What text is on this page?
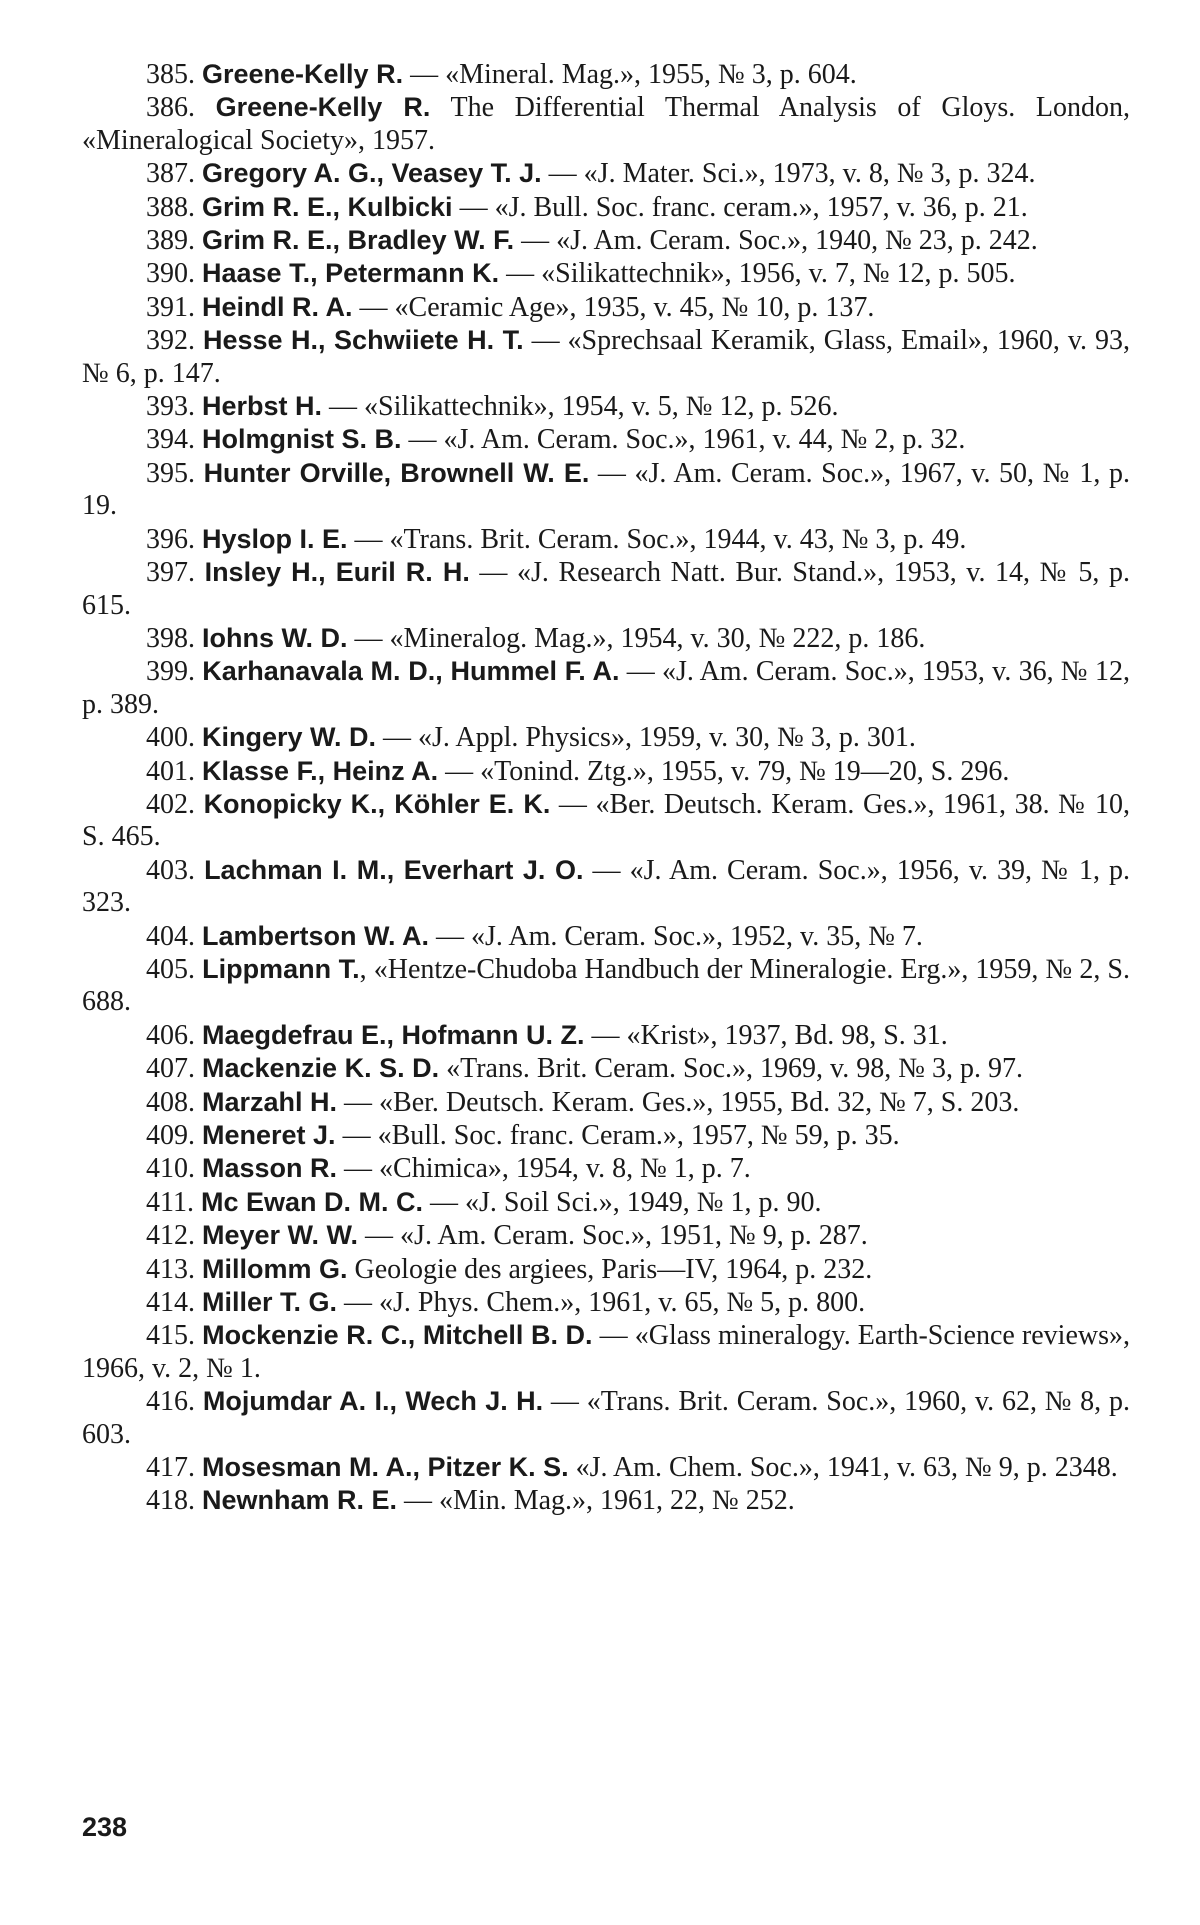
385. Greene-Kelly R. — «Mineral. Mag.», 1955, № 3, p. 604.

386. Greene-Kelly R. The Differential Thermal Analysis of Gloys. London, «Mineralogical Society», 1957.

387. Gregory A. G., Veasey T. J. — «J. Mater. Sci.», 1973, v. 8, № 3, p. 324.

388. Grim R. E., Kulbicki — «J. Bull. Soc. franc. ceram.», 1957, v. 36, p. 21.

389. Grim R. E., Bradley W. F. — «J. Am. Ceram. Soc.», 1940, № 23, p. 242.

390. Haase T., Petermann K. — «Silikattechnik», 1956, v. 7, № 12, p. 505.

391. Heindl R. A. — «Ceramic Age», 1935, v. 45, № 10, p. 137.

392. Hesse H., Schwiiete H. T. — «Sprechsaal Keramik, Glass, Email», 1960, v. 93, № 6, p. 147.

393. Herbst H. — «Silikattechnik», 1954, v. 5, № 12, p. 526.

394. Holmgnist S. B. — «J. Am. Ceram. Soc.», 1961, v. 44, № 2, p. 32.

395. Hunter Orville, Brownell W. E. — «J. Am. Ceram. Soc.», 1967, v. 50, № 1, p. 19.

396. Hyslop I. E. — «Trans. Brit. Ceram. Soc.», 1944, v. 43, № 3, p. 49.

397. Insley H., Euril R. H. — «J. Research Natt. Bur. Stand.», 1953, v. 14, № 5, p. 615.

398. Iohns W. D. — «Mineralog. Mag.», 1954, v. 30, № 222, p. 186.

399. Karhanavala M. D., Hummel F. A. — «J. Am. Ceram. Soc.», 1953, v. 36, № 12, p. 389.

400. Kingery W. D. — «J. Appl. Physics», 1959, v. 30, № 3, p. 301.

401. Klasse F., Heinz A. — «Tonind. Ztg.», 1955, v. 79, № 19—20, S. 296.

402. Konopicky K., Köhler E. K. — «Ber. Deutsch. Keram. Ges.», 1961, 38. № 10, S. 465.

403. Lachman I. M., Everhart J. O. — «J. Am. Ceram. Soc.», 1956, v. 39, № 1, p. 323.

404. Lambertson W. A. — «J. Am. Ceram. Soc.», 1952, v. 35, № 7.

405. Lippmann T., «Hentze-Chudoba Handbuch der Mineralogie. Erg.», 1959, № 2, S. 688.

406. Maegdefrau E., Hofmann U. Z. — «Krist», 1937, Bd. 98, S. 31.

407. Mackenzie K. S. D. «Trans. Brit. Ceram. Soc.», 1969, v. 98, № 3, p. 97.

408. Marzahl H. — «Ber. Deutsch. Keram. Ges.», 1955, Bd. 32, № 7, S. 203.

409. Meneret J. — «Bull. Soc. franc. Ceram.», 1957, № 59, p. 35.

410. Masson R. — «Chimica», 1954, v. 8, № 1, p. 7.

411. Mc Ewan D. M. C. — «J. Soil Sci.», 1949, № 1, p. 90.

412. Meyer W. W. — «J. Am. Ceram. Soc.», 1951, № 9, p. 287.

413. Millomm G. Geologie des argiees, Paris—IV, 1964, p. 232.

414. Miller T. G. — «J. Phys. Chem.», 1961, v. 65, № 5, p. 800.

415. Mockenzie R. C., Mitchell B. D. — «Glass mineralogy. Earth-Science reviews», 1966, v. 2, № 1.

416. Mojumdar A. I., Wech J. H. — «Trans. Brit. Ceram. Soc.», 1960, v. 62, № 8, p. 603.

417. Mosesman M. A., Pitzer K. S. «J. Am. Chem. Soc.», 1941, v. 63, № 9, p. 2348.

418. Newnham R. E. — «Min. Mag.», 1961, 22, № 252.

238
